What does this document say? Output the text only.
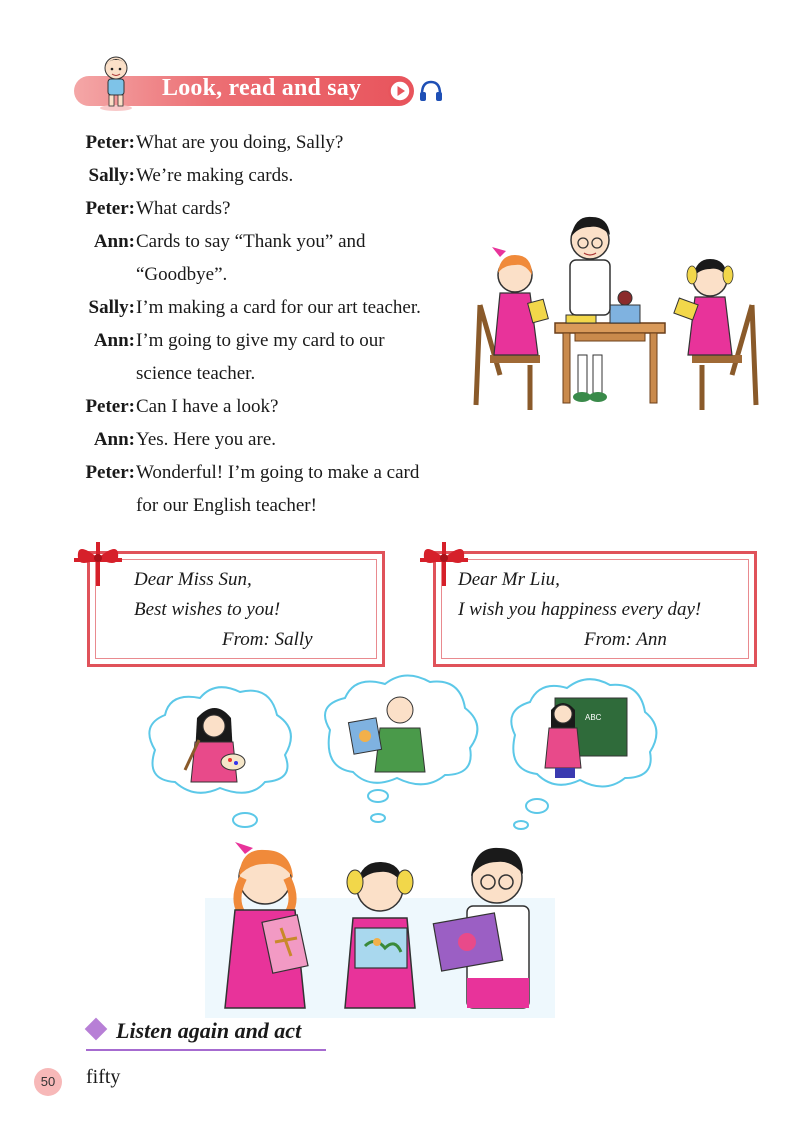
Look, read and say
Peter: What are you doing, Sally?
Sally: We’re making cards.
Peter: What cards?
Ann: Cards to say “Thank you” and
“Goodbye”.
Sally: I’m making a card for our art teacher.
Ann: I’m going to give my card to our
science teacher.
Peter: Can I have a look?
Ann: Yes. Here you are.
Peter: Wonderful! I’m going to make a card
for our English teacher!
Dear Miss Sun,
Best wishes to you!
From: Sally
Dear Mr Liu,
I wish you happiness every day!
From: Ann
ABC
Listen again and act
50	fifty
